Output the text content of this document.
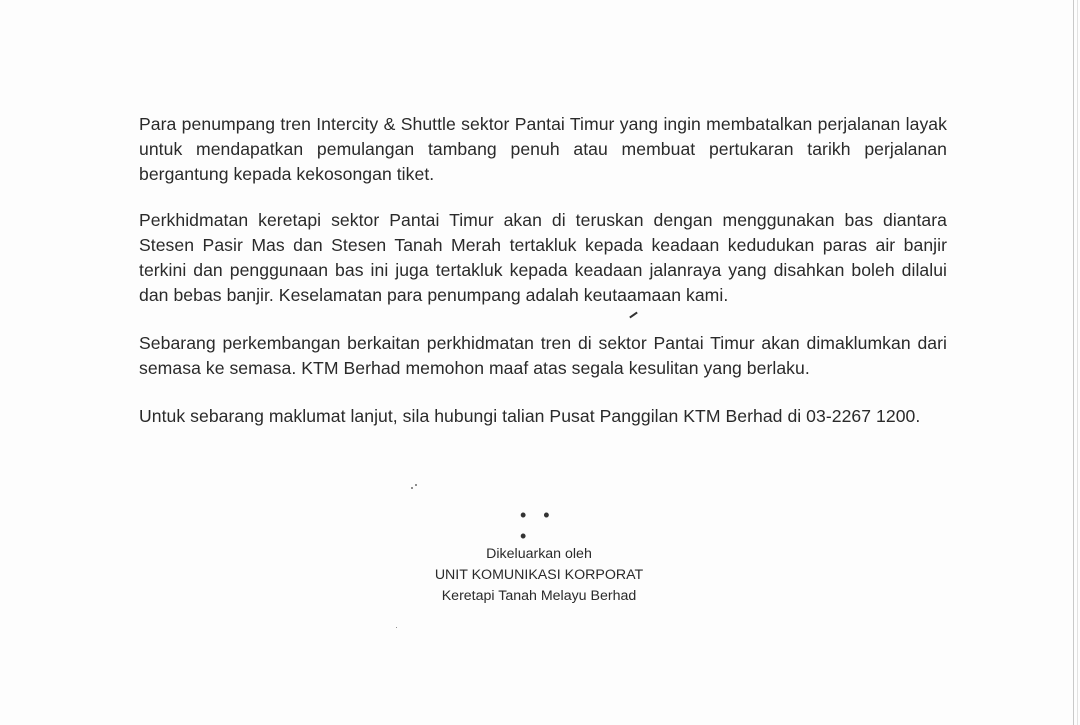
Para penumpang tren Intercity & Shuttle sektor Pantai Timur yang ingin membatalkan perjalanan layak untuk mendapatkan pemulangan tambang penuh atau membuat pertukaran tarikh perjalanan bergantung kepada kekosongan tiket.

Perkhidmatan keretapi sektor Pantai Timur akan di teruskan dengan menggunakan bas diantara Stesen Pasir Mas dan Stesen Tanah Merah tertakluk kepada keadaan kedudukan paras air banjir terkini dan penggunaan bas ini juga tertakluk kepada keadaan jalanraya yang disahkan boleh dilalui dan bebas banjir. Keselamatan para penumpang adalah keutaamaan kami.

Sebarang perkembangan berkaitan perkhidmatan tren di sektor Pantai Timur akan dimaklumkan dari semasa ke semasa. KTM Berhad memohon maaf atas segala kesulitan yang berlaku.

Untuk sebarang maklumat lanjut, sila hubungi talian Pusat Panggilan KTM Berhad di 03-2267 1200.

• • •
Dikeluarkan oleh
UNIT KOMUNIKASI KORPORAT
Keretapi Tanah Melayu Berhad
